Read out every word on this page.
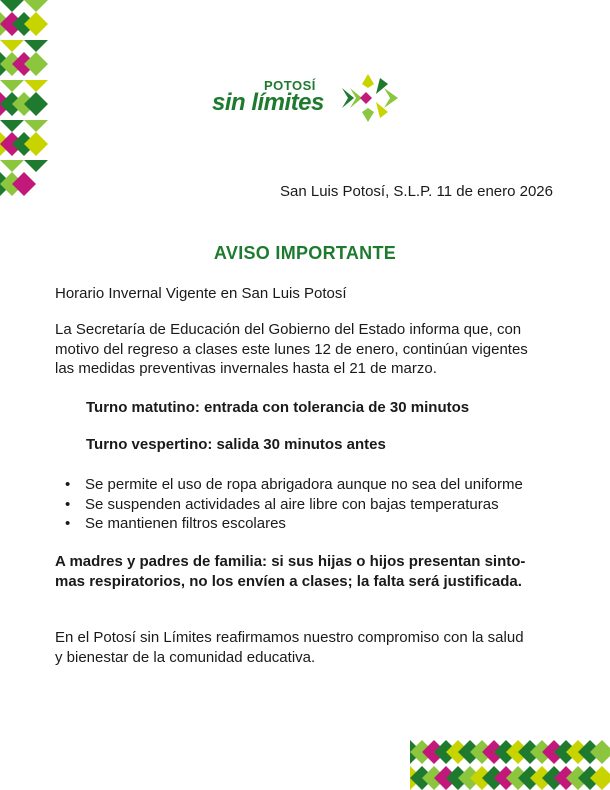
POTOSÍ
sin límites
San Luis Potosí, S.L.P. 11 de enero 2026
AVISO IMPORTANTE
Horario Invernal Vigente en San Luis Potosí
La Secretaría de Educación del Gobierno del Estado informa que, con
motivo del regreso a clases este lunes 12 de enero, continúan vigentes
las medidas preventivas invernales hasta el 21 de marzo.
Turno matutino: entrada con tolerancia de 30 minutos
Turno vespertino: salida 30 minutos antes
• Se permite el uso de ropa abrigadora aunque no sea del uniforme
• Se suspenden actividades al aire libre con bajas temperaturas
• Se mantienen filtros escolares
A madres y padres de familia: si sus hijas o hijos presentan sinto-
mas respiratorios, no los envíen a clases; la falta será justificada.
En el Potosí sin Límites reafirmamos nuestro compromiso con la salud
y bienestar de la comunidad educativa.
